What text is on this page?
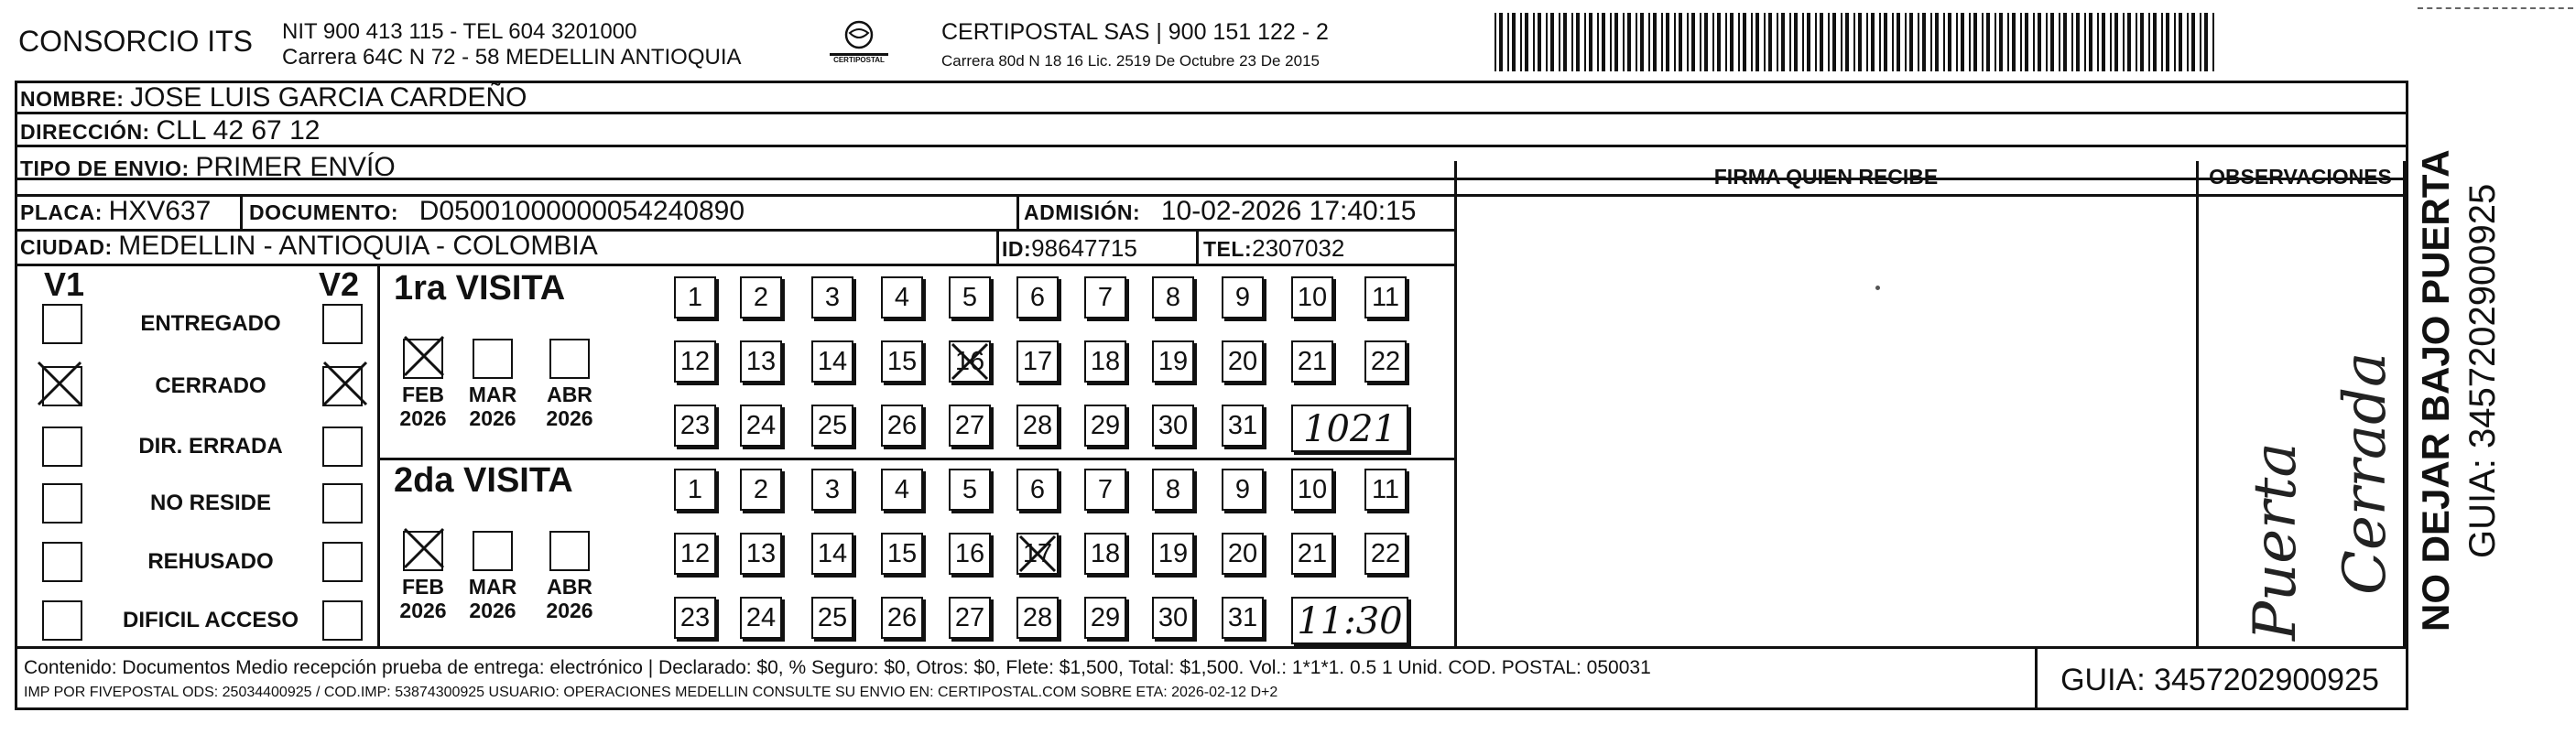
CONSORCIO ITS NIT 900 413 115 - TEL 604 3201000
Carrera 64C N 72 - 58 MEDELLIN ANTIOQUIA	CERTIPOSTAL
CERTIPOSTAL SAS | 900 151 122 - 2
Carrera 80d N 18 16 Lic. 2519 De Octubre 23 De 2015
NOMBRE: JOSE LUIS GARCIA CARDEÑO
DIRECCIÓN: CLL 42 67 12
TIPO DE ENVIO: PRIMER ENVÍO
PLACA: HXV637 DOCUMENTO: D05001000000054240890	ADMISIÓN: 10-02-2026 17:40:15
CIUDAD: MEDELLIN - ANTIOQUIA - COLOMBIA	ID:98647715	TEL:2307032
FIRMA QUIEN RECIBE	OBSERVACIONES
Puerta Cerrada NO DEJAR BAJO PUERTA GUIA: 3457202900925
V1	V2
ENTREGADO
CERRADO
DIR. ERRADA
NO RESIDE
REHUSADO
DIFICIL ACCESO
1ra VISITA
FEB
2026
MAR
2026
ABR
2026
1	2	3	4	5	6	7	8	9	10 11
12 13 14 15 16 17 18 19 20 21 22
23 24 25 26 27 28 29 30 31	1021
2da VISITA
FEB
2026
MAR
2026
ABR
2026
1	2	3	4	5	6	7	8	9	10 11
12 13 14 15 16 17 18 19 20 21 22
23 24 25 26 27 28 29 30 31 11:30
Contenido: Documentos Medio recepción prueba de entrega: electrónico | Declarado: $0, % Seguro: $0, Otros: $0, Flete: $1,500, Total: $1,500. Vol.: 1*1*1. 0.5 1 Unid. COD. POSTAL: 050031
IMP POR FIVEPOSTAL ODS: 25034400925 / COD.IMP: 53874300925 USUARIO: OPERACIONES MEDELLIN CONSULTE SU ENVIO EN: CERTIPOSTAL.COM SOBRE ETA: 2026-02-12 D+2	GUIA: 3457202900925
